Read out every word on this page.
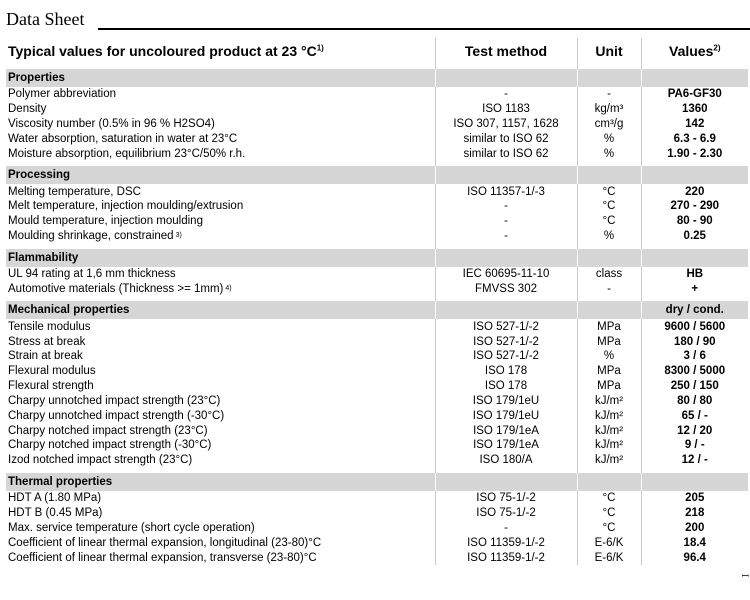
Data Sheet
Typical values for uncoloured product at 23 $^\circ C^{1)}$	Test method	Unit	Values$^{2)}$

Properties			
Polymer abbreviation	-	-	PA6-GF30
Density	ISO 1183	kg/m³	1360
Viscosity number (0.5% in 96 % H2SO4)	ISO 307, 1157, 1628	cm³/g	142
Water absorption, saturation in water at 23°C	similar to ISO 62	%	6.3 - 6.9
Moisture absorption, equilibrium 23°C/50% r.h.	similar to ISO 62	%	1.90 - 2.30

Processing			
Melting temperature, DSC	ISO 11357-1/-3	°C	220
Melt temperature, injection moulding/extrusion	-	°C	270 - 290
Mould temperature, injection moulding	-	°C	80 - 90
Moulding shrinkage, constrained 3)	-	%	0.25

Flammability			
UL 94 rating at 1,6 mm thickness	IEC 60695-11-10	class	HB
Automotive materials (Thickness >= 1mm) 4)	FMVSS 302	-	+

Mechanical properties			dry / cond.
Tensile modulus	ISO 527-1/-2	MPa	9600 / 5600
Stress at break	ISO 527-1/-2	MPa	180 / 90
Strain at break	ISO 527-1/-2	%	3 / 6
Flexural modulus	ISO 178	MPa	8300 / 5000
Flexural strength	ISO 178	MPa	250 / 150
Charpy unnotched impact strength (23°C)	ISO 179/1eU	kJ/m²	80 / 80
Charpy unnotched impact strength (-30°C)	ISO 179/1eU	kJ/m²	65 / -
Charpy notched impact strength (23°C)	ISO 179/1eA	kJ/m²	12 / 20
Charpy notched impact strength (-30°C)	ISO 179/1eA	kJ/m²	9 / -
Izod notched impact strength (23°C)	ISO 180/A	kJ/m²	12 / -

Thermal properties			
HDT A (1.80 MPa)	ISO 75-1/-2	°C	205
HDT B (0.45 MPa)	ISO 75-1/-2	°C	218
Max. service temperature (short cycle operation)	-	°C	200
Coefficient of linear thermal expansion, longitudinal (23-80)°C	ISO 11359-1/-2	E-6/K	18.4
Coefficient of linear thermal expansion, transverse (23-80)°C	ISO 11359-1/-2	E-6/K	96.4
ꟷ
